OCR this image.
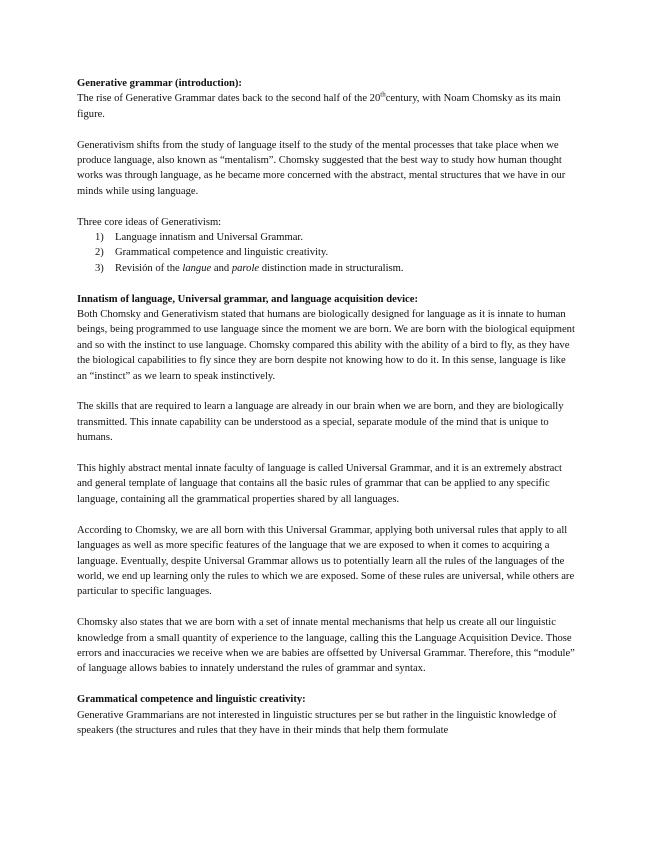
Generative grammar (introduction):

The rise of Generative Grammar dates back to the second half of the 20thcentury, with Noam Chomsky as its main figure.

Generativism shifts from the study of language itself to the study of the mental processes that take place when we produce language, also known as “mentalism”. Chomsky suggested that the best way to study how human thought works was through language, as he became more concerned with the abstract, mental structures that we have in our minds while using language.

Three core ideas of Generativism:

1) Language innatism and Universal Grammar.
2) Grammatical competence and linguistic creativity.
3) Revisión of the langue and parole distinction made in structuralism.
Innatism of language, Universal grammar, and language acquisition device:

Both Chomsky and Generativism stated that humans are biologically designed for language as it is innate to human beings, being programmed to use language since the moment we are born. We are born with the biological equipment and so with the instinct to use language. Chomsky compared this ability with the ability of a bird to fly, as they have the biological capabilities to fly since they are born despite not knowing how to do it. In this sense, language is like an “instinct” as we learn to speak instinctively.

The skills that are required to learn a language are already in our brain when we are born, and they are biologically transmitted. This innate capability can be understood as a special, separate module of the mind that is unique to humans.

This highly abstract mental innate faculty of language is called Universal Grammar, and it is an extremely abstract and general template of language that contains all the basic rules of grammar that can be applied to any specific language, containing all the grammatical properties shared by all languages.

According to Chomsky, we are all born with this Universal Grammar, applying both universal rules that apply to all languages as well as more specific features of the language that we are exposed to when it comes to acquiring a language. Eventually, despite Universal Grammar allows us to potentially learn all the rules of the languages of the world, we end up learning only the rules to which we are exposed. Some of these rules are universal, while others are particular to specific languages.

Chomsky also states that we are born with a set of innate mental mechanisms that help us create all our linguistic knowledge from a small quantity of experience to the language, calling this the Language Acquisition Device. Those errors and inaccuracies we receive when we are babies are offsetted by Universal Grammar. Therefore, this “module” of language allows babies to innately understand the rules of grammar and syntax.

Grammatical competence and linguistic creativity:

Generative Grammarians are not interested in linguistic structures per se but rather in the linguistic knowledge of speakers (the structures and rules that they have in their minds that help them formulate
